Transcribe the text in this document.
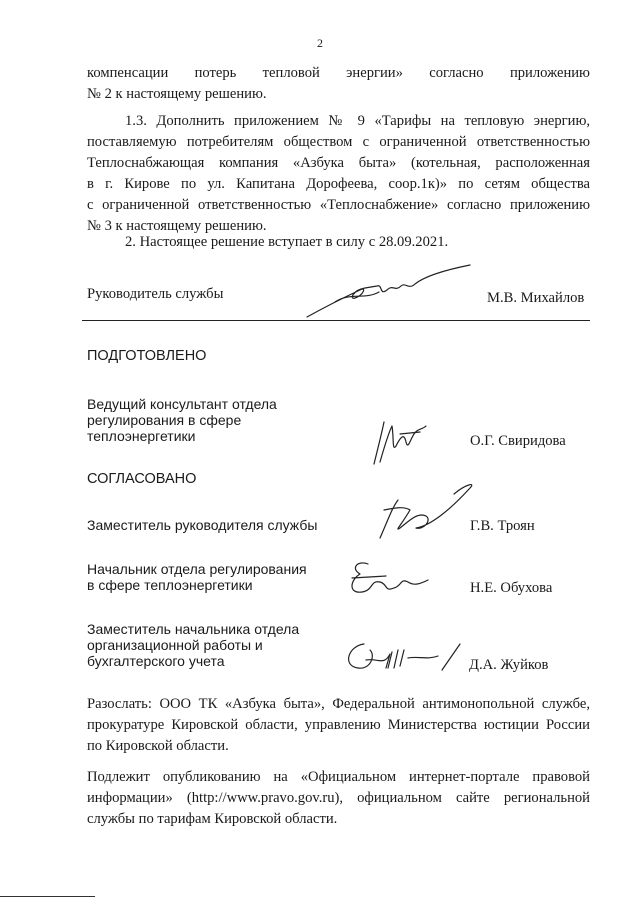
2
компенсации потерь тепловой энергии» согласно приложению
№ 2 к настоящему решению.
1.3. Дополнить приложением № 9 «Тарифы на тепловую энергию,
поставляемую потребителям обществом с ограниченной ответственностью
Теплоснабжающая компания «Азбука быта» (котельная, расположенная
в г. Кирове по ул. Капитана Дорофеева, соор.1к)» по сетям общества
с ограниченной ответственностью «Теплоснабжение» согласно приложению
№ 3 к настоящему решению.
2. Настоящее решение вступает в силу с 28.09.2021.
Руководитель службы	М.В. Михайлов
ПОДГОТОВЛЕНО
Ведущий консультант отдела
регулирования в сфере
теплоэнергетики	О.Г. Свиридова
СОГЛАСОВАНО
Заместитель руководителя службы	Г.В. Троян
Начальник отдела регулирования
в сфере теплоэнергетики	Н.Е. Обухова
Заместитель начальника отдела
организационной работы и
бухгалтерского учета	Д.А. Жуйков
Разослать: ООО ТК «Азбука быта», Федеральной антимонопольной службе,
прокуратуре Кировской области, управлению Министерства юстиции России
по Кировской области.
Подлежит опубликованию на «Официальном интернет-портале правовой
информации» (http://www.pravo.gov.ru), официальном сайте региональной
службы по тарифам Кировской области.
